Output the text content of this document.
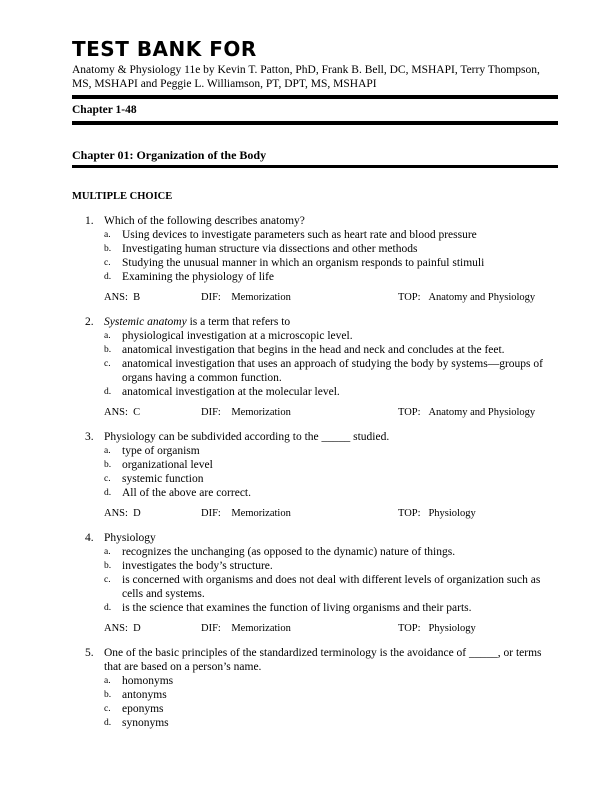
TEST BANK FOR
Anatomy & Physiology 11e by Kevin T. Patton, PhD, Frank B. Bell, DC, MSHAPI, Terry Thompson, MS, MSHAPI and Peggie L. Williamson, PT, DPT, MS, MSHAPI
Chapter 1-48
Chapter 01: Organization of the Body
MULTIPLE CHOICE
1. Which of the following describes anatomy?
a. Using devices to investigate parameters such as heart rate and blood pressure
b. Investigating human structure via dissections and other methods
c. Studying the unusual manner in which an organism responds to painful stimuli
d. Examining the physiology of life
ANS:  B	DIF:    Memorization	TOP:   Anatomy and Physiology
2. Systemic anatomy is a term that refers to
a. physiological investigation at a microscopic level.
b. anatomical investigation that begins in the head and neck and concludes at the feet.
c. anatomical investigation that uses an approach of studying the body by systems—groups of organs having a common function.
d. anatomical investigation at the molecular level.
ANS:  C	DIF:    Memorization	TOP:   Anatomy and Physiology
3. Physiology can be subdivided according to the _____ studied.
a. type of organism
b. organizational level
c. systemic function
d. All of the above are correct.
ANS:  D	DIF:    Memorization	TOP:   Physiology
4. Physiology
a. recognizes the unchanging (as opposed to the dynamic) nature of things.
b. investigates the body’s structure.
c. is concerned with organisms and does not deal with different levels of organization such as cells and systems.
d. is the science that examines the function of living organisms and their parts.
ANS:  D	DIF:    Memorization	TOP:   Physiology
5. One of the basic principles of the standardized terminology is the avoidance of _____, or terms that are based on a person’s name.
a. homonyms
b. antonyms
c. eponyms
d. synonyms
